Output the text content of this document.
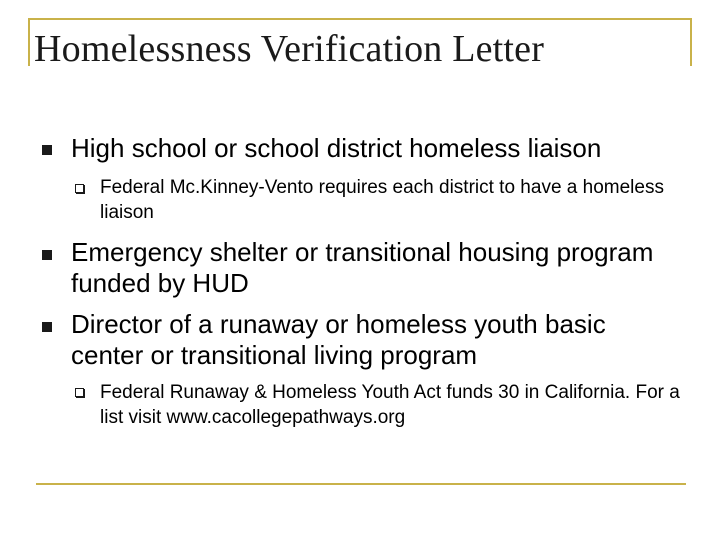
Homelessness Verification Letter
High school or school district homeless liaison
Federal Mc.Kinney-Vento requires each district to have a homeless liaison
Emergency shelter or transitional housing program funded by HUD
Director of a runaway or homeless youth basic center or transitional living program
Federal Runaway & Homeless Youth Act funds 30 in California. For a list visit www.cacollegepathways.org
